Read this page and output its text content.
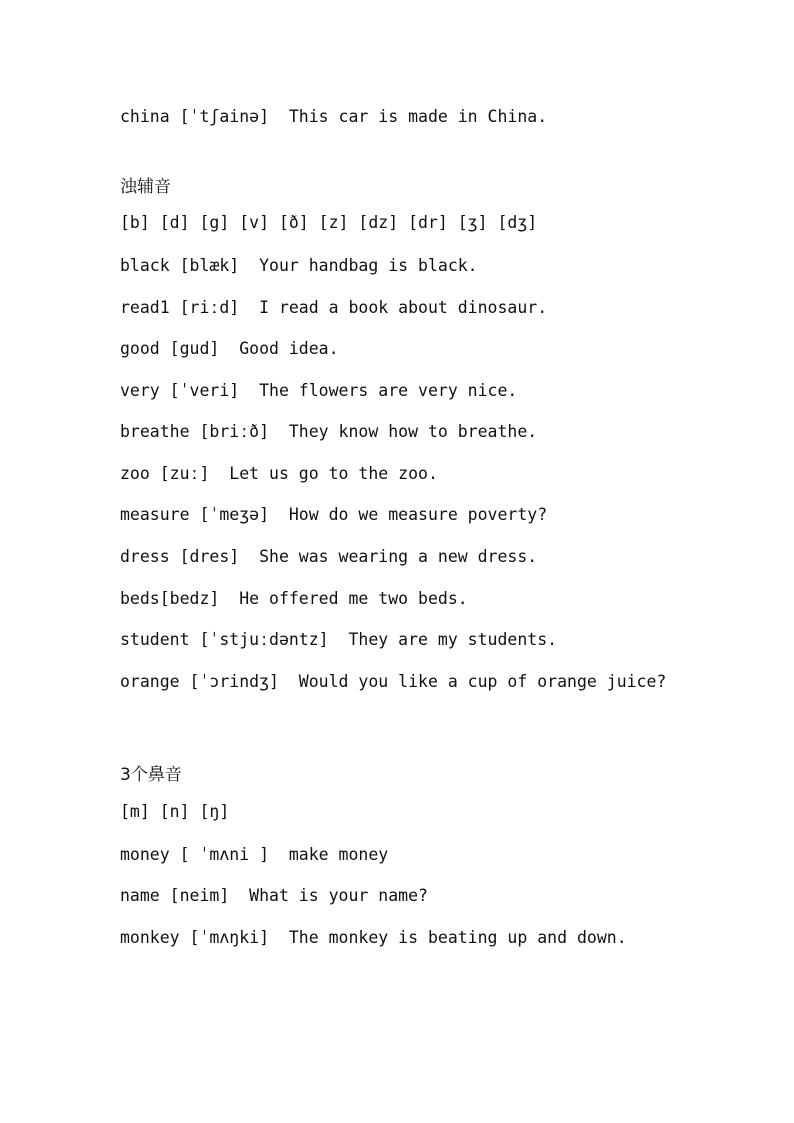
china [ˈtʃainə]  This car is made in China.
浊辅音
[b] [d] [g] [v] [ð] [z] [dz] [dr] [ʒ] [dʒ]
black [blæk]  Your handbag is black.
read1 [riːd]  I read a book about dinosaur.
good [gud]  Good idea.
very [ˈveri]  The flowers are very nice.
breathe [briːð]  They know how to breathe.
zoo [zuː]  Let us go to the zoo.
measure [ˈmeʒə]  How do we measure poverty?
dress [dres]  She was wearing a new dress.
beds[bedz]  He offered me two beds.
student [ˈstjuːdəntz]  They are my students.
orange [ˈɔrindʒ]  Would you like a cup of orange juice?
3个鼻音
[m] [n] [ŋ]
money [ ˈmʌni ]  make money
name [neim]  What is your name?
monkey [ˈmʌŋki]  The monkey is beating up and down.
